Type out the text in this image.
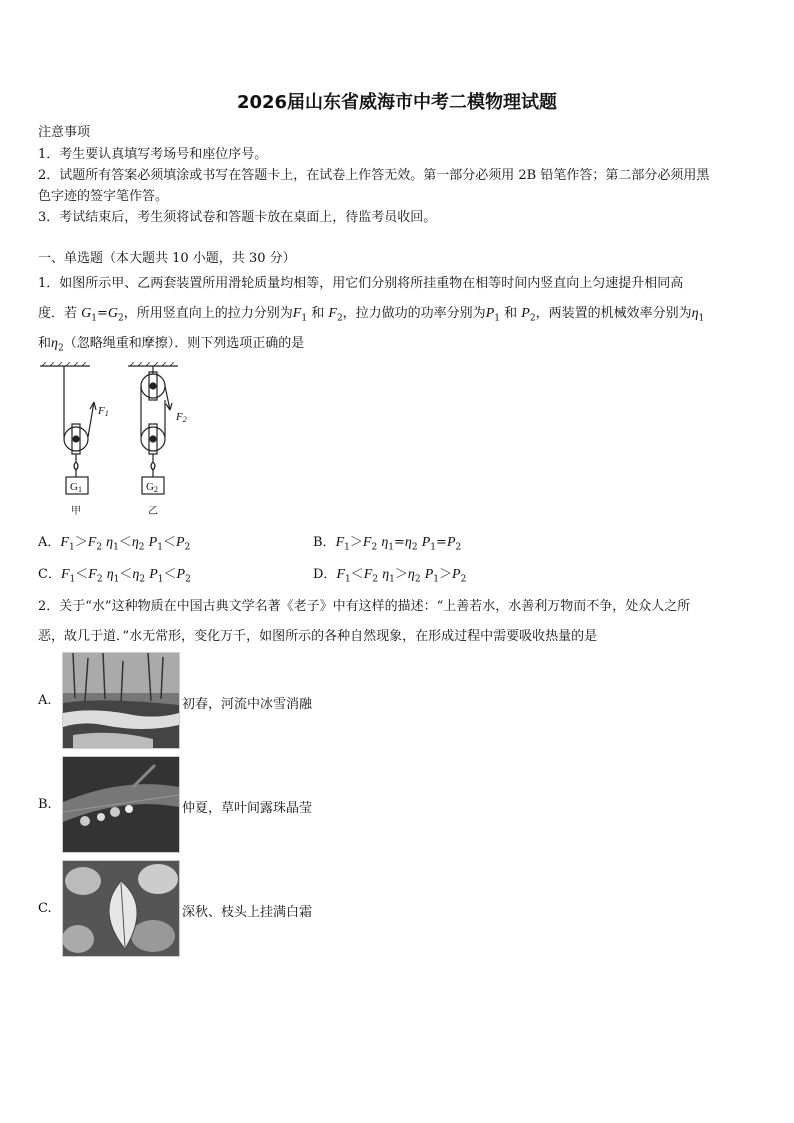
2026届山东省威海市中考二模物理试题
注意事项
1．考生要认真填写考场号和座位序号。
2．试题所有答案必须填涂或书写在答题卡上，在试卷上作答无效。第一部分必须用 2B 铅笔作答；第二部分必须用黑
色字迹的签字笔作答。
3．考试结束后，考生须将试卷和答题卡放在桌面上，待监考员收回。
一、单选题（本大题共 10 小题，共 30 分）
1．如图所示甲、乙两套装置所用滑轮质量均相等，用它们分别将所挂重物在相等时间内竖直向上匀速提升相同高
度．若 $G_1=G_2$，所用竖直向上的拉力分别为$F_1$ 和 $F_2$，拉力做功的功率分别为$P_1$ 和 $P_2$，两装置的机械效率分别为$\eta_1$
和$\eta_2$（忽略绳重和摩擦）．则下列选项正确的是
F1	F2
G1	G2
甲	乙
A．$F_1>F_2$ $\eta_1<\eta_2$ $P_1<P_2$	B．$F_1>F_2$ $\eta_1=\eta_2$ $P_1=P_2$
C．$F_1<F_2$ $\eta_1<\eta_2$ $P_1<P_2$	D．$F_1<F_2$ $\eta_1>\eta_2$ $P_1>P_2$
2．关于“水”这种物质在中国古典文学名著《老子》中有这样的描述：“上善若水，水善利万物而不争，处众人之所
恶，故几于道．”水无常形，变化万千，如图所示的各种自然现象，在形成过程中需要吸收热量的是
A.	初春，河流中冰雪消融
B.	仲夏，草叶间露珠晶莹
C.	深秋、枝头上挂满白霜
